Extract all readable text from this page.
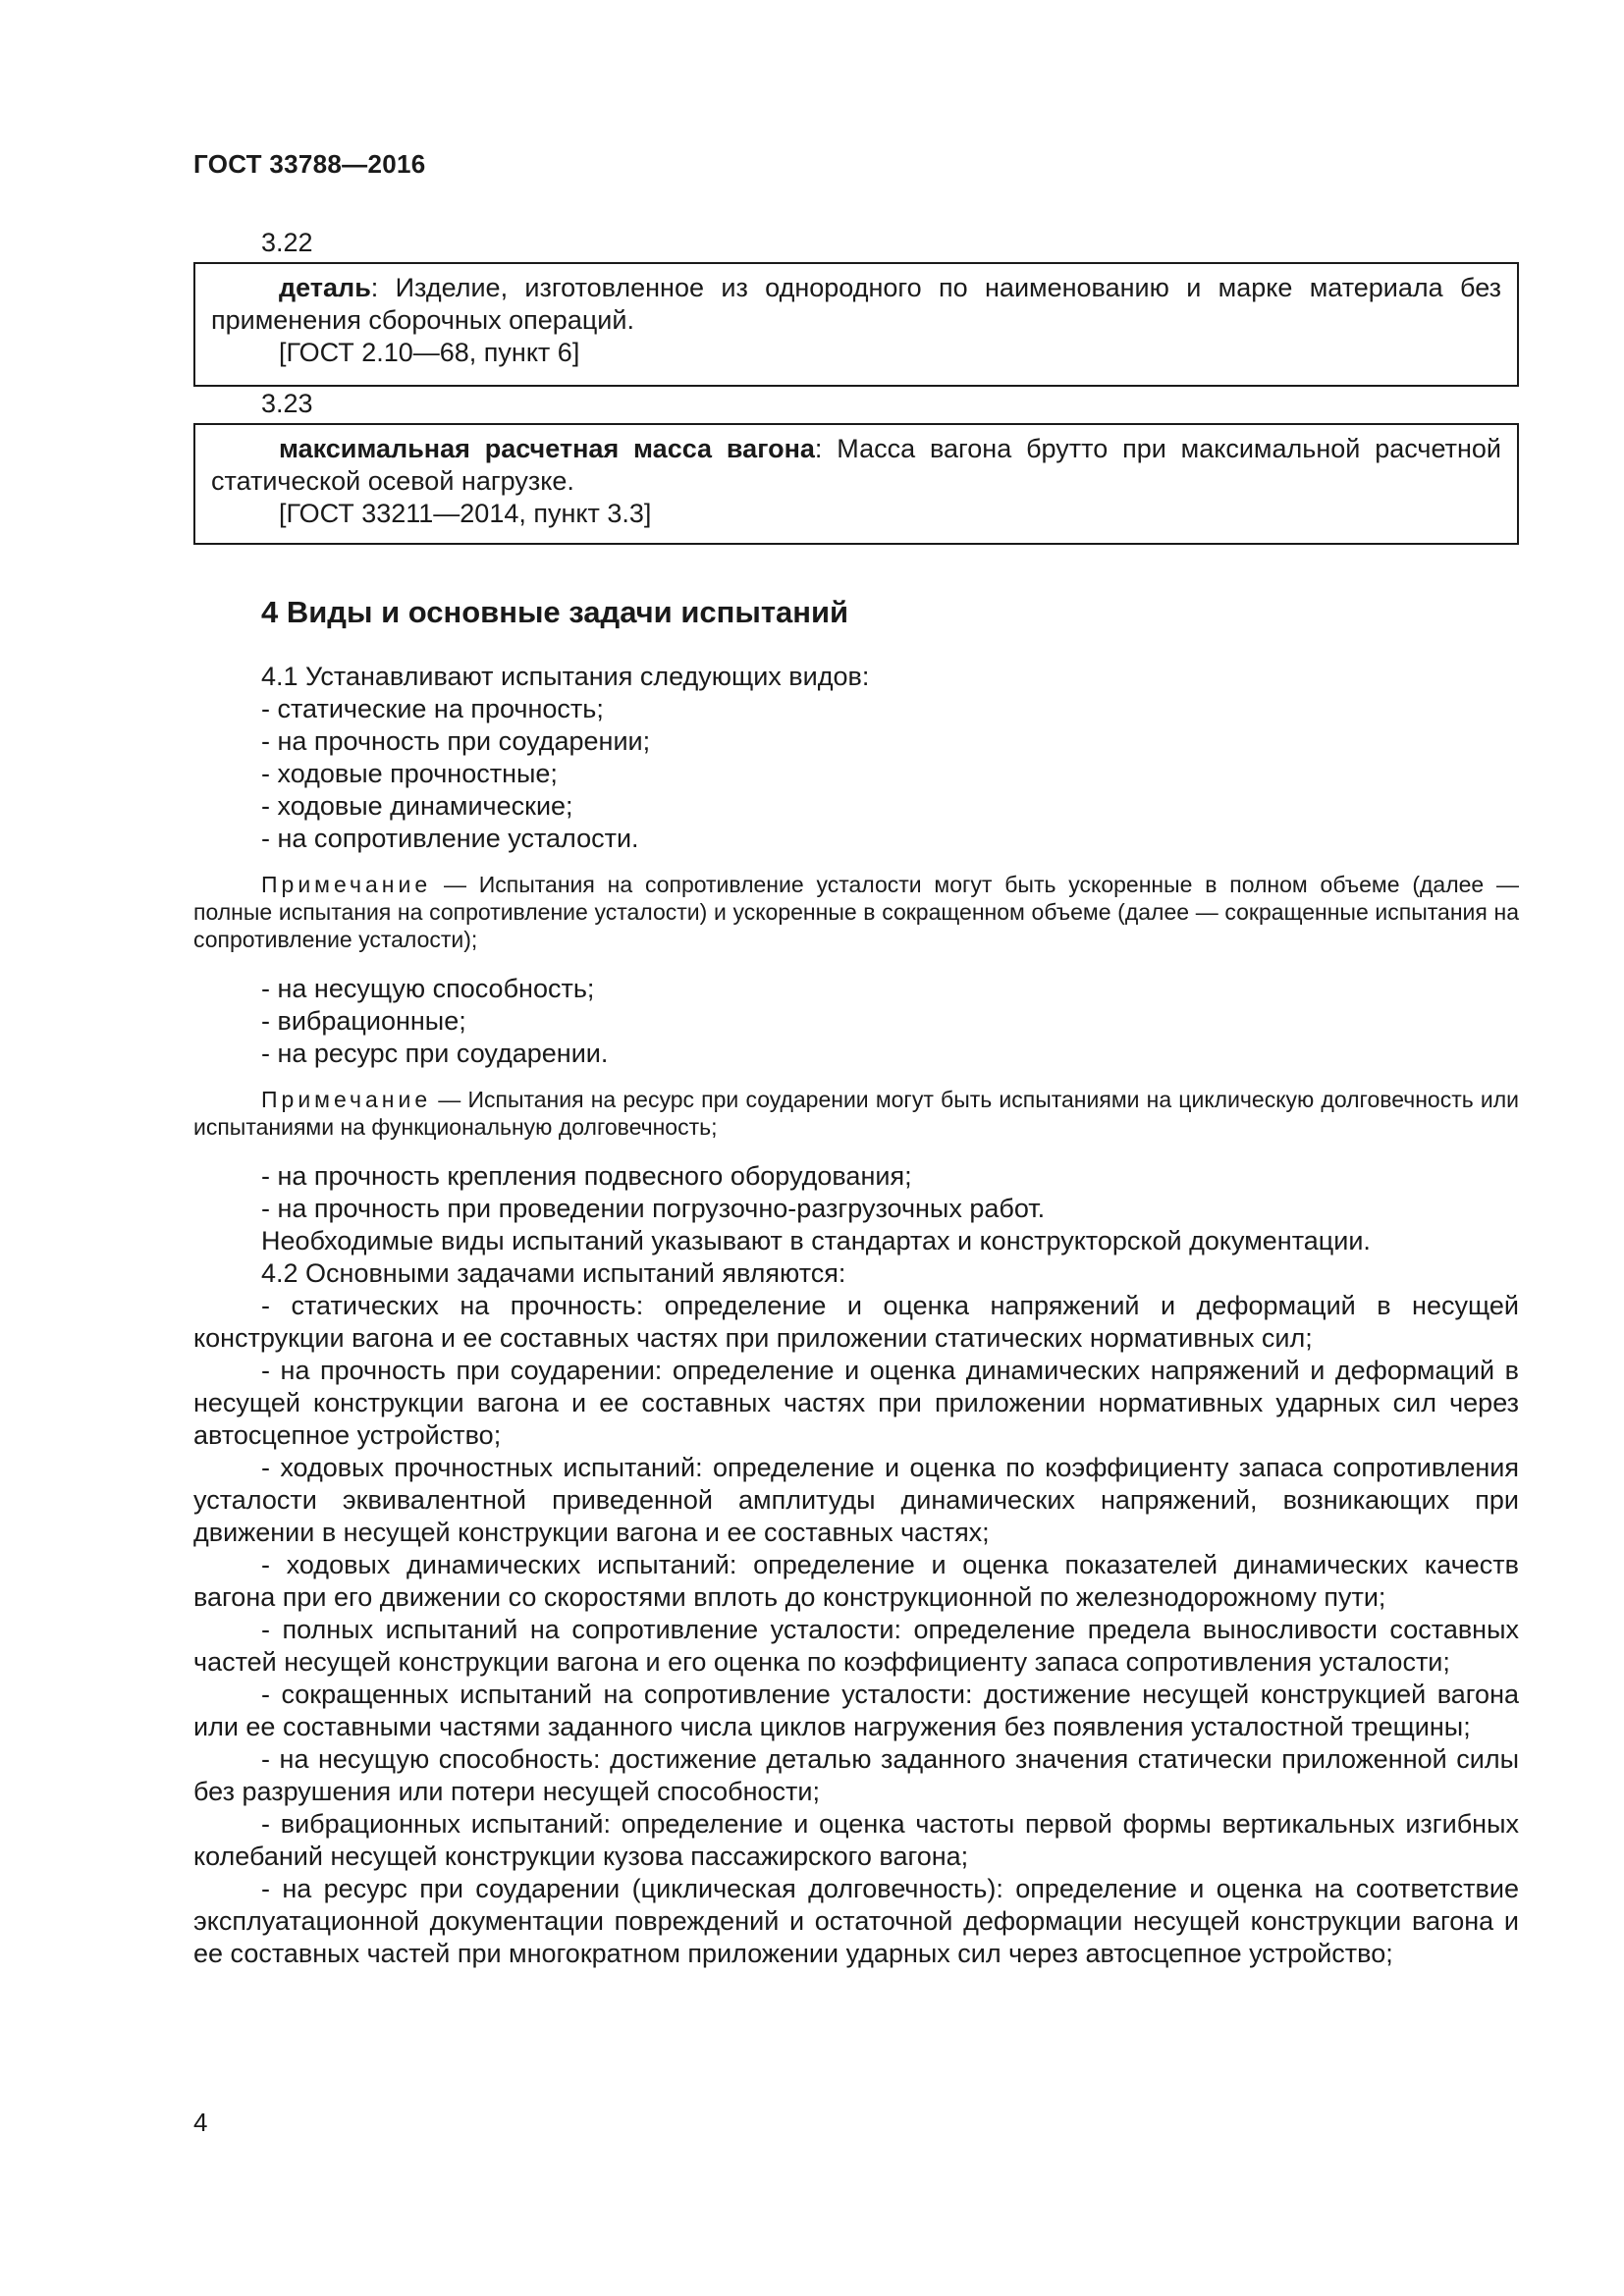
ГОСТ 33788—2016
3.22

деталь: Изделие, изготовленное из однородного по наименованию и марке материала без применения сборочных операций.

[ГОСТ 2.10—68, пункт 6]

3.23

максимальная расчетная масса вагона: Масса вагона брутто при максимальной расчетной статической осевой нагрузке.

[ГОСТ 33211—2014, пункт 3.3]

4 Виды и основные задачи испытаний

4.1 Устанавливают испытания следующих видов:

- статические на прочность;

- на прочность при соударении;

- ходовые прочностные;

- ходовые динамические;

- на сопротивление усталости.

Примечание — Испытания на сопротивление усталости могут быть ускоренные в полном объеме (далее — полные испытания на сопротивление усталости) и ускоренные в сокращенном объеме (далее — сокращенные испытания на сопротивление усталости);

- на несущую способность;

- вибрационные;

- на ресурс при соударении.

Примечание — Испытания на ресурс при соударении могут быть испытаниями на циклическую долговечность или испытаниями на функциональную долговечность;

- на прочность крепления подвесного оборудования;

- на прочность при проведении погрузочно-разгрузочных работ.

Необходимые виды испытаний указывают в стандартах и конструкторской документации.

4.2 Основными задачами испытаний являются:

- статических на прочность: определение и оценка напряжений и деформаций в несущей конструкции вагона и ее составных частях при приложении статических нормативных сил;

- на прочность при соударении: определение и оценка динамических напряжений и деформаций в несущей конструкции вагона и ее составных частях при приложении нормативных ударных сил через автосцепное устройство;

- ходовых прочностных испытаний: определение и оценка по коэффициенту запаса сопротивления усталости эквивалентной приведенной амплитуды динамических напряжений, возникающих при движении в несущей конструкции вагона и ее составных частях;

- ходовых динамических испытаний: определение и оценка показателей динамических качеств вагона при его движении со скоростями вплоть до конструкционной по железнодорожному пути;

- полных испытаний на сопротивление усталости: определение предела выносливости составных частей несущей конструкции вагона и его оценка по коэффициенту запаса сопротивления усталости;

- сокращенных испытаний на сопротивление усталости: достижение несущей конструкцией вагона или ее составными частями заданного числа циклов нагружения без появления усталостной трещины;

- на несущую способность: достижение деталью заданного значения статически приложенной силы без разрушения или потери несущей способности;

- вибрационных испытаний: определение и оценка частоты первой формы вертикальных изгибных колебаний несущей конструкции кузова пассажирского вагона;

- на ресурс при соударении (циклическая долговечность): определение и оценка на соответствие эксплуатационной документации повреждений и остаточной деформации несущей конструкции вагона и ее составных частей при многократном приложении ударных сил через автосцепное устройство;

4
